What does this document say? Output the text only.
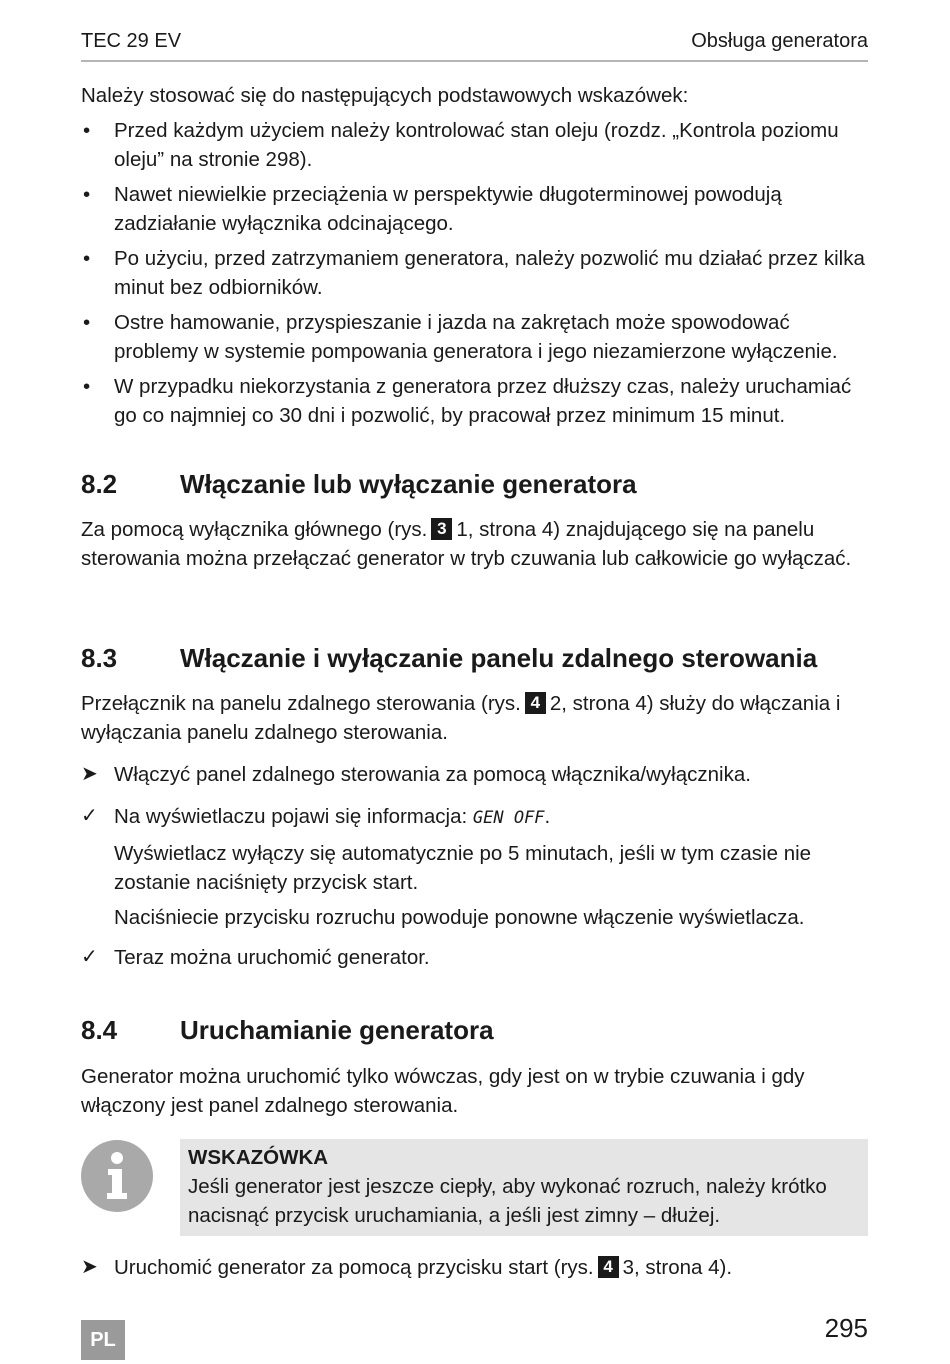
TEC 29 EV	Obsługa generatora
Należy stosować się do następujących podstawowych wskazówek:
• Przed każdym użyciem należy kontrolować stan oleju (rozdz. „Kontrola poziomu oleju” na stronie 298).
• Nawet niewielkie przeciążenia w perspektywie długoterminowej powodują zadziałanie wyłącznika odcinającego.
• Po użyciu, przed zatrzymaniem generatora, należy pozwolić mu działać przez kilka minut bez odbiorników.
• Ostre hamowanie, przyspieszanie i jazda na zakrętach może spowodować problemy w systemie pompowania generatora i jego niezamierzone wyłączenie.
• W przypadku niekorzystania z generatora przez dłuższy czas, należy uruchamiać go co najmniej co 30 dni i pozwolić, by pracował przez minimum 15 minut.
8.2 Włączanie lub wyłączanie generatora
Za pomocą wyłącznika głównego (rys. 3 1, strona 4) znajdującego się na panelu sterowania można przełączać generator w tryb czuwania lub całkowicie go wyłączać.
8.3 Włączanie i wyłączanie panelu zdalnego sterowania
Przełącznik na panelu zdalnego sterowania (rys. 4 2, strona 4) służy do włączania i wyłączania panelu zdalnego sterowania.
➤ Włączyć panel zdalnego sterowania za pomocą włącznika/wyłącznika.

✓ Na wyświetlaczu pojawi się informacja: GEN OFF.

Wyświetlacz wyłączy się automatycznie po 5 minutach, jeśli w tym czasie nie zostanie naciśnięty przycisk start.

Naciśniecie przycisku rozruchu powoduje ponowne włączenie wyświetlacza.

✓ Teraz można uruchomić generator.

8.4 Uruchamianie generatora
Generator można uruchomić tylko wówczas, gdy jest on w trybie czuwania i gdy włączony jest panel zdalnego sterowania.
WSKAZÓWKA
Jeśli generator jest jeszcze ciepły, aby wykonać rozruch, należy krótko nacisnąć przycisk uruchamiania, a jeśli jest zimny – dłużej.
➤ Uruchomić generator za pomocą przycisku start (rys. 4 3, strona 4).

PL	295
